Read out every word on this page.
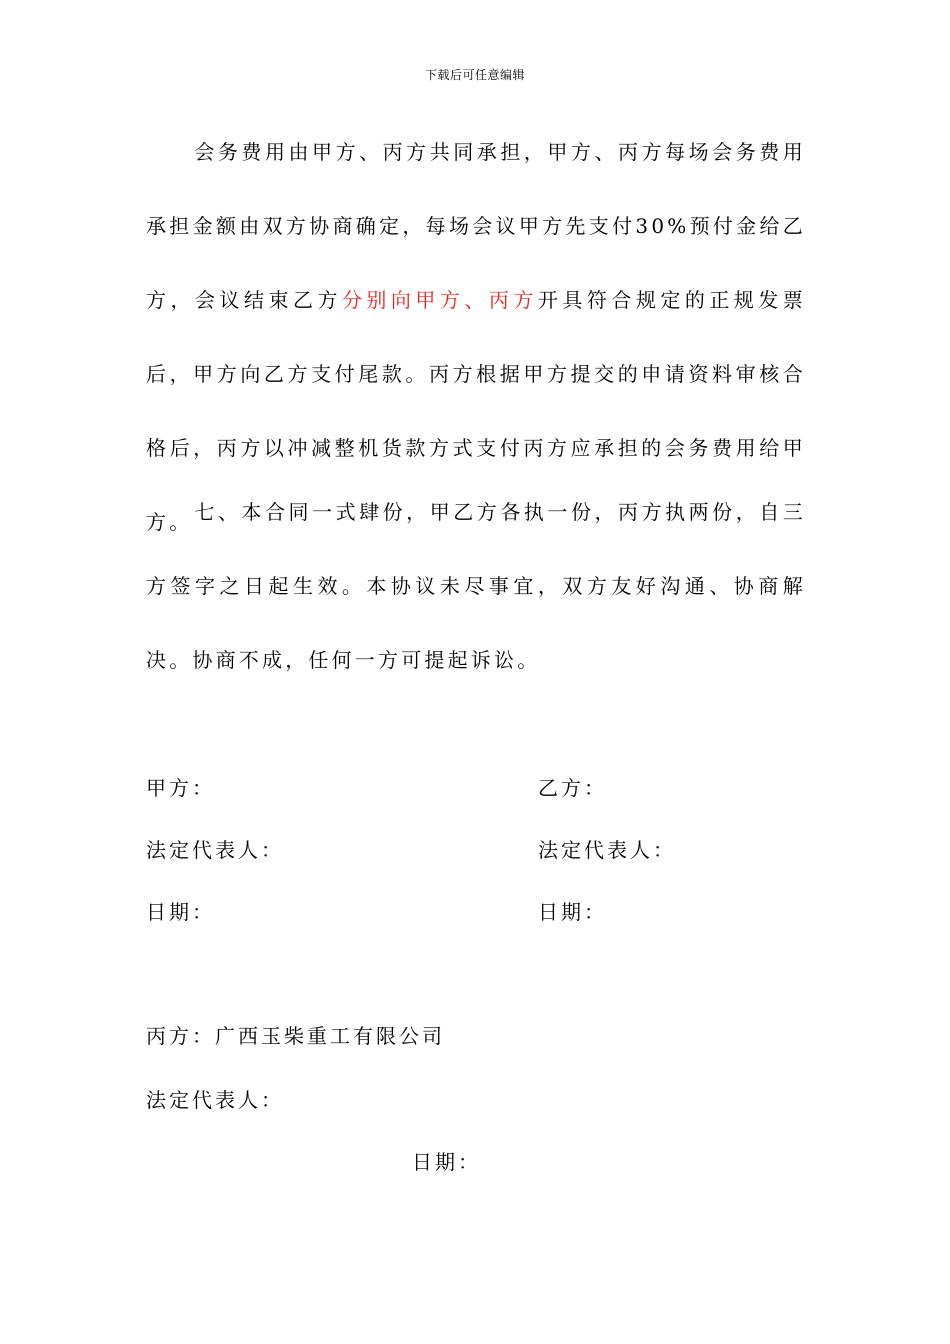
下载后可任意编辑

会务费用由甲方、丙方共同承担，甲方、丙方每场会务费用承担金额由双方协商确定，每场会议甲方先支付30%预付金给乙方，会议结束乙方分别向甲方、丙方开具符合规定的正规发票后，甲方向乙方支付尾款。丙方根据甲方提交的申请资料审核合格后，丙方以冲减整机货款方式支付丙方应承担的会务费用给甲方。 七、本合同一式肆份，甲乙方各执一份，丙方执两份，自三方签字之日起生效。本协议未尽事宜，双方友好沟通、协商解决。协商不成，任何一方可提起诉讼。

甲方：	乙方：
法定代表人：	法定代表人：
日期：	日期：
丙方：广西玉柴重工有限公司
法定代表人：
日期：
